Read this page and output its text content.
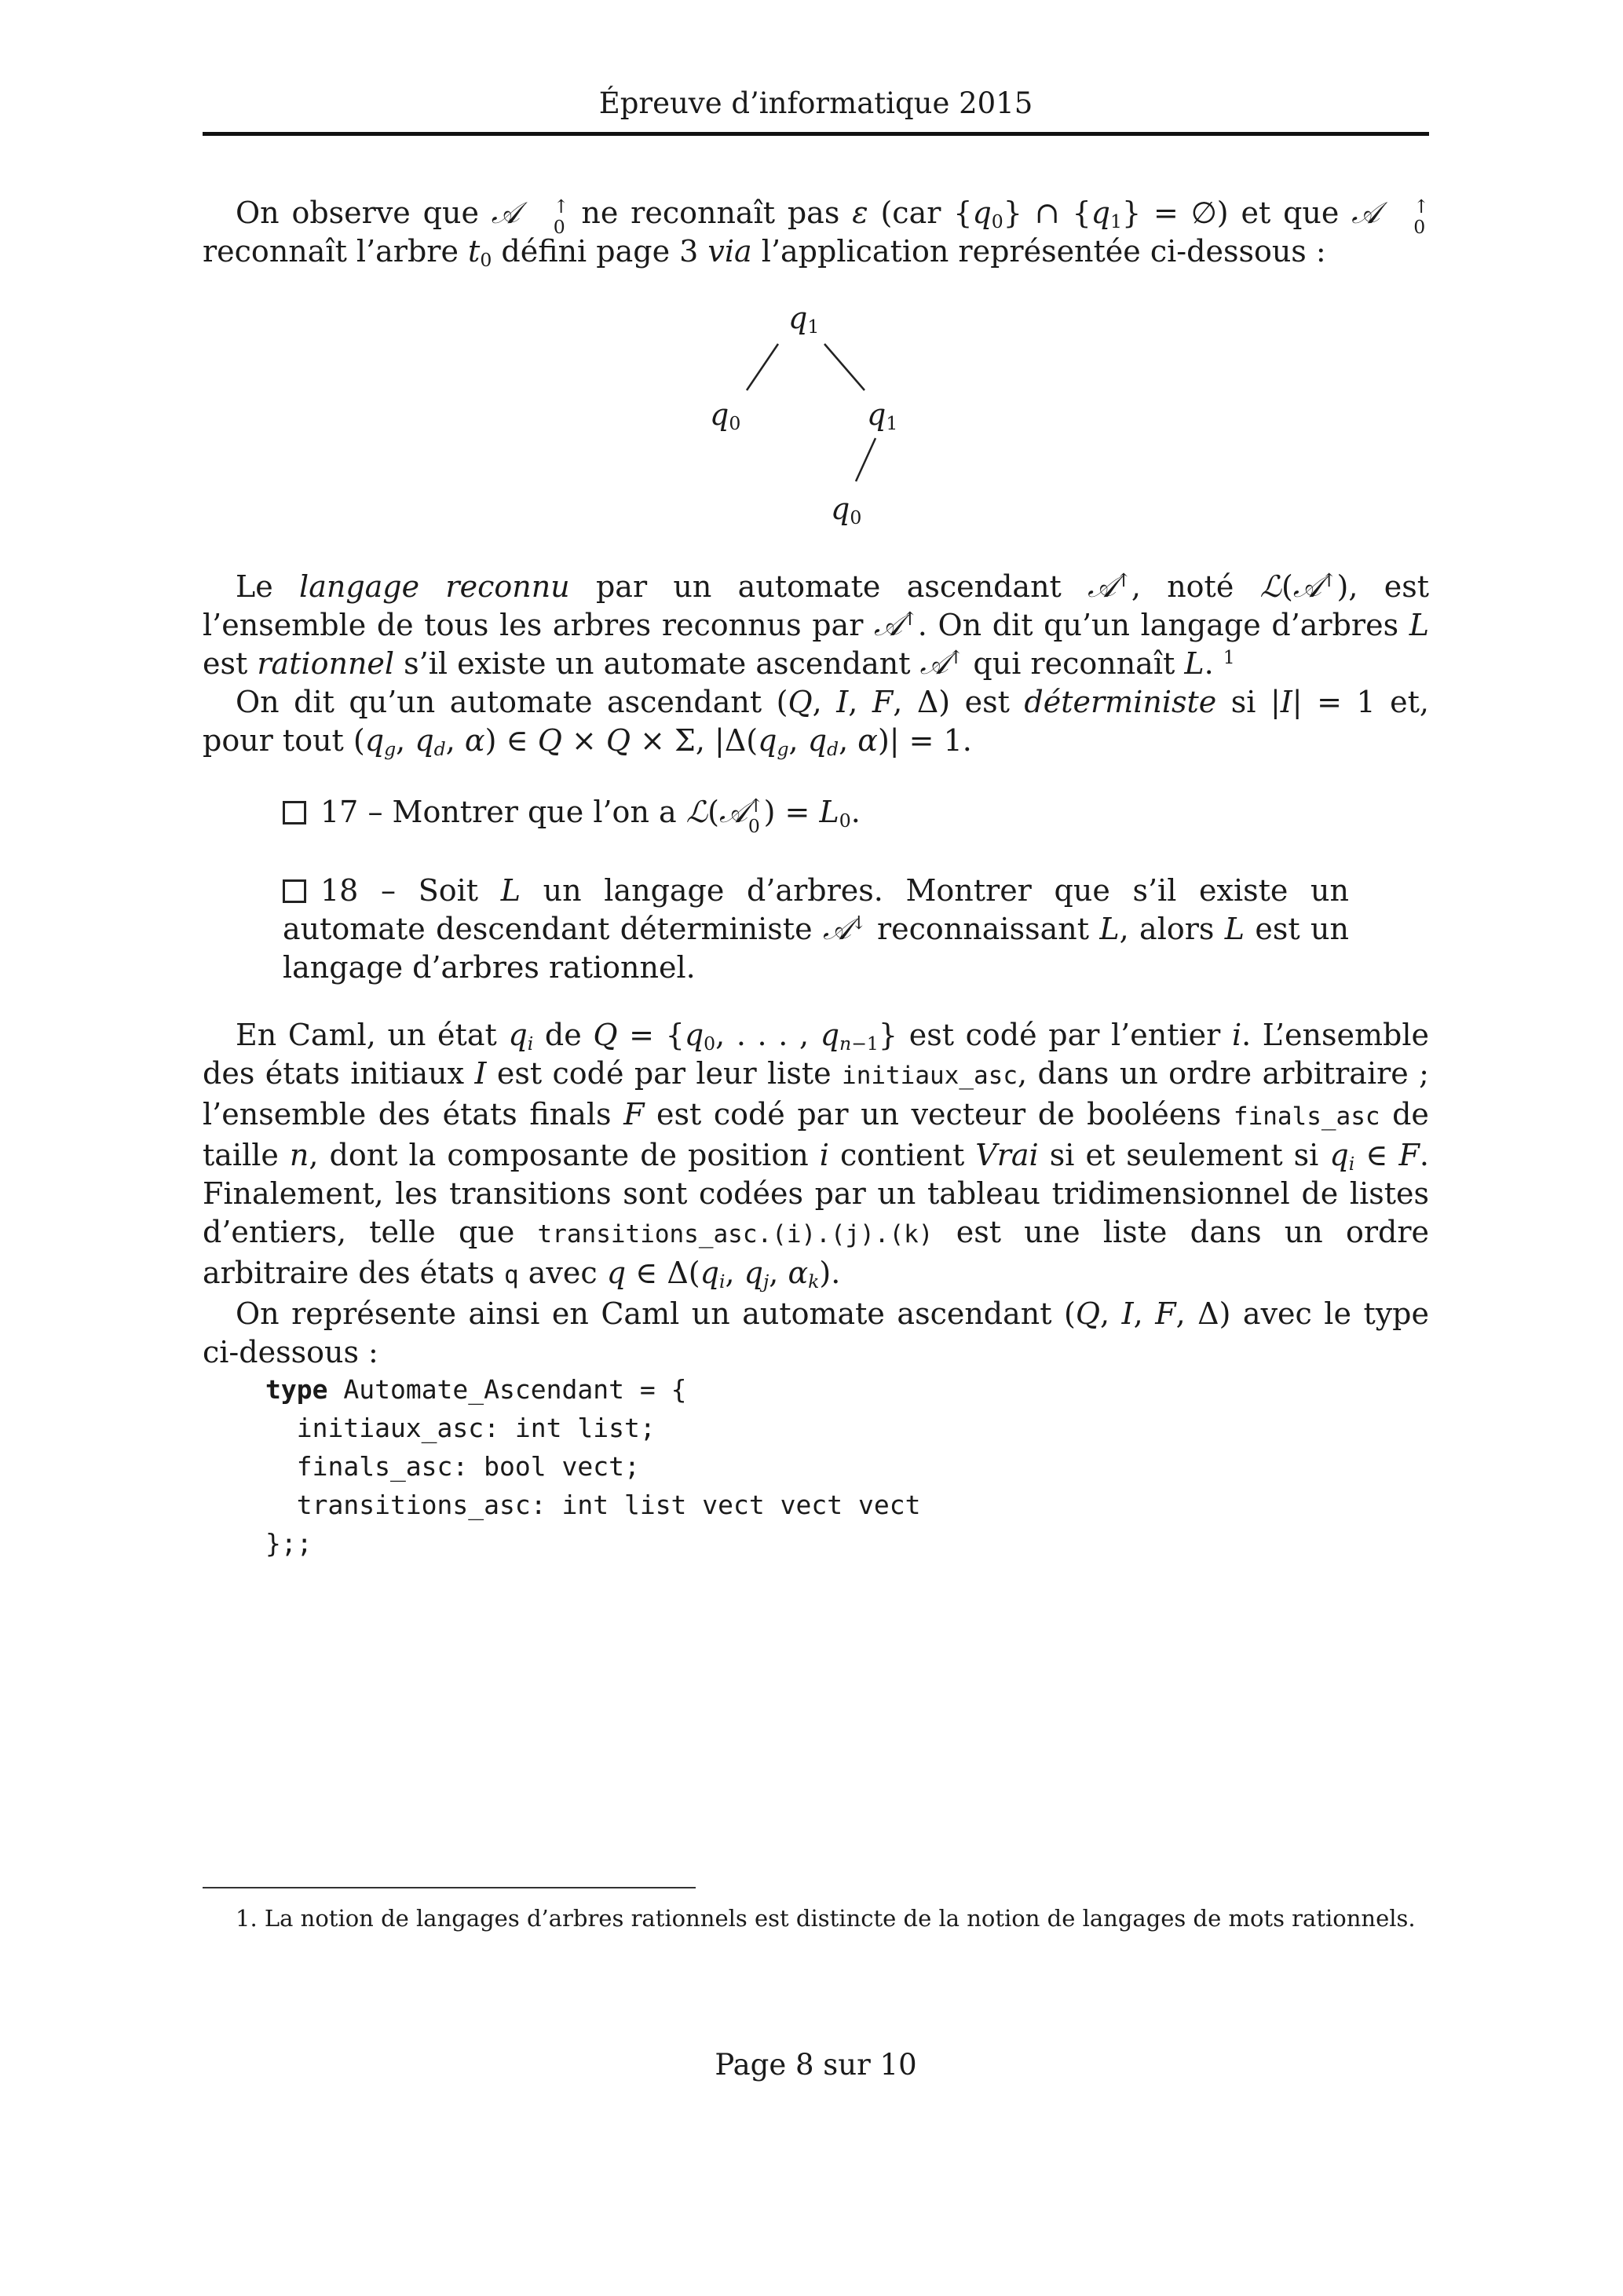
Épreuve d’informatique 2015

On observe que 𝒜	↑
0 ne reconnaît pas ε (car $\{q_0\}$ ∩ $\{q_1\}$ = ∅) et que 𝒜	↑
0
reconnaît l’arbre $t_0$ défini page 3 via l’application représentée ci-dessous :

$q_1$
$q_0$	$q_1$
$q_0$

Le langage reconnu par un automate ascendant 𝒜↑, noté ℒ(𝒜↑), est l’ensemble de tous les arbres reconnus par 𝒜↑. On dit qu’un langage d’arbres L est rationnel s’il existe un automate ascendant 𝒜↑ qui reconnaît L. $^1$

On dit qu’un automate ascendant (Q, I, F, Δ) est déterministe si |I| = 1 et, pour tout ($q_g$, $q_d$, α) ∈ Q × Q × Σ, $|\Delta(q_g$, $q_d$, α)| = 1.

17 – Montrer que l’on a ℒ(𝒜 ↑
0 ) = $L_0$.
18 – Soit L un langage d’arbres. Montrer que s’il existe un automate descendant déterministe 𝒜↓ reconnaissant L, alors L est un langage d’arbres rationnel.

En Caml, un état $q_i$ de $Q = \{q_0$, . . . , $q_{n-1}$} est codé par l’entier i. L’ensemble des états initiaux I est codé par leur liste initiaux_asc, dans un ordre arbitraire ; l’ensemble des états finals F est codé par un vecteur de booléens finals_asc de taille n, dont la composante de position i contient Vrai si et seulement si $q_i$ ∈ F. Finalement, les transitions sont codées par un tableau tridimensionnel de listes d’entiers, telle que transitions_asc.(i).(j).(k) est une liste dans un ordre arbitraire des états q avec q ∈ $\Delta(q_i$, $q_j$, $\alpha_k$).

On représente ainsi en Caml un automate ascendant (Q, I, F, Δ) avec le type ci-dessous :

type Automate_Ascendant = {
initiaux_asc: int list;
finals_asc: bool vect;
transitions_asc: int list vect vect vect
};;
1. La notion de langages d’arbres rationnels est distincte de la notion de langages de mots rationnels.
Page 8 sur 10
